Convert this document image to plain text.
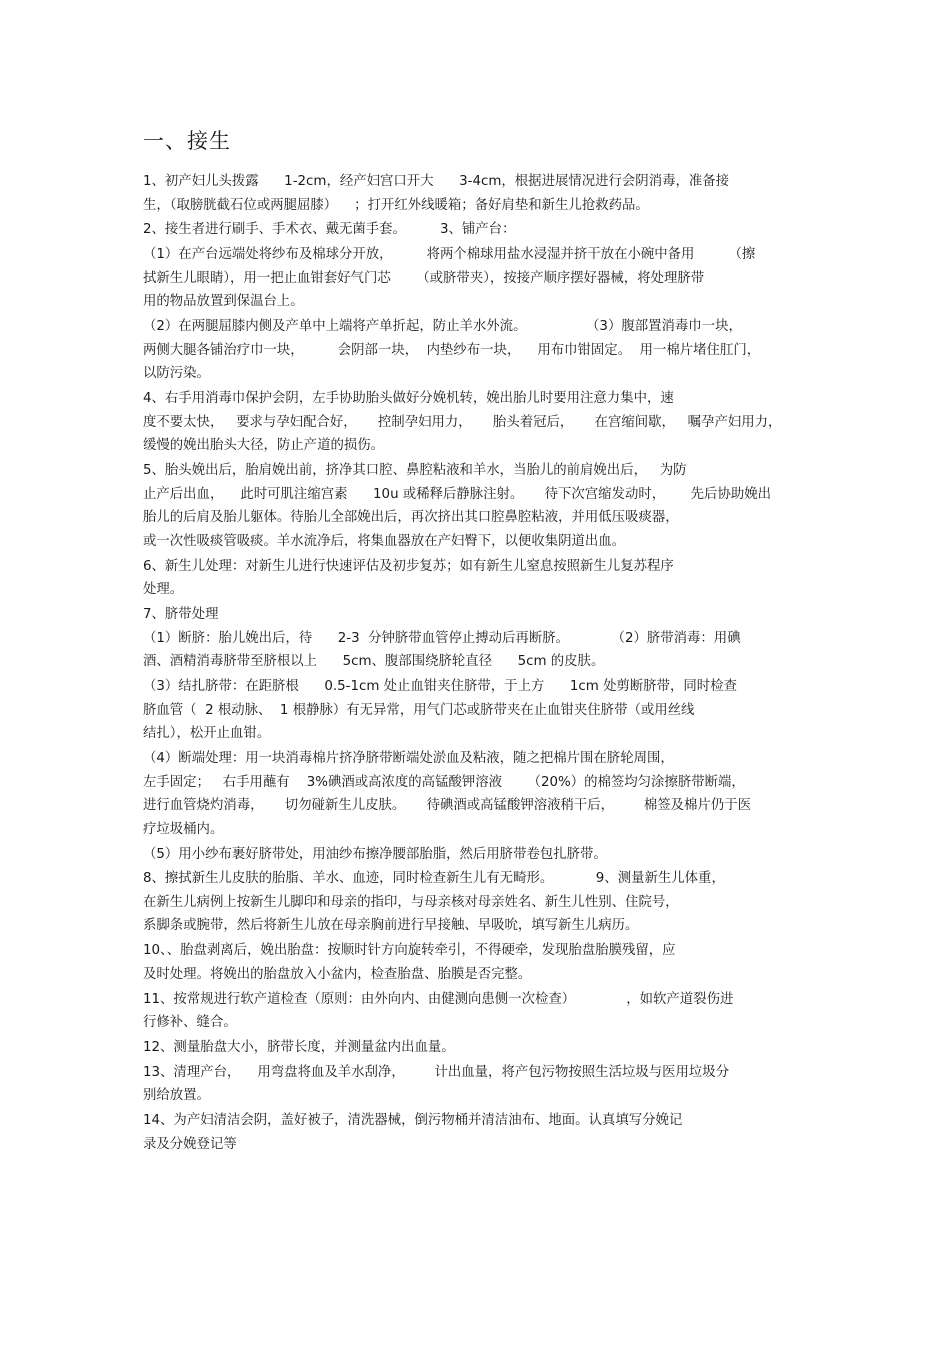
一、接生
1、初产妇儿头拨露      1-2cm，经产妇宫口开大      3-4cm，根据进展情况进行会阴消毒，准备接
生，（取膀胱截石位或两腿屈膝）    ；打开红外线暖箱；备好肩垫和新生儿抢救药品。
2、接生者进行刷手、手术衣、戴无菌手套。        3、铺产台：
（1）在产台远端处将纱布及棉球分开放，        将两个棉球用盐水浸湿并挤干放在小碗中备用        （擦
拭新生儿眼睛），用一把止血钳套好气门芯      （或脐带夹），按接产顺序摆好器械，将处理脐带
用的物品放置到保温台上。
（2）在两腿屈膝内侧及产单中上端将产单折起，防止羊水外流。              （3）腹部置消毒巾一块，
两侧大腿各铺治疗巾一块，        会阴部一块，  内垫纱布一块，    用布巾钳固定。  用一棉片堵住肛门，
以防污染。
4、右手用消毒巾保护会阴，左手协助胎头做好分娩机转，娩出胎儿时要用注意力集中，速
度不要太快，   要求与孕妇配合好，     控制孕妇用力，     胎头着冠后，     在宫缩间歇，   嘱孕产妇用力，
缓慢的娩出胎头大径，防止产道的损伤。
5、胎头娩出后，胎肩娩出前，挤净其口腔、鼻腔粘液和羊水，当胎儿的前肩娩出后，   为防
止产后出血，    此时可肌注缩宫素      10u 或稀释后静脉注射。     待下次宫缩发动时，      先后协助娩出
胎儿的后肩及胎儿躯体。待胎儿全部娩出后，再次挤出其口腔鼻腔粘液，并用低压吸痰器，
或一次性吸痰管吸痰。羊水流净后，将集血器放在产妇臀下，以便收集阴道出血。
6、新生儿处理：对新生儿进行快速评估及初步复苏；如有新生儿窒息按照新生儿复苏程序
处理。
7、脐带处理
（1）断脐：胎儿娩出后，待      2-3  分钟脐带血管停止搏动后再断脐。          （2）脐带消毒：用碘
酒、酒精消毒脐带至脐根以上      5cm、腹部围绕脐轮直径      5cm 的皮肤。
（3）结扎脐带：在距脐根      0.5-1cm 处止血钳夹住脐带，于上方      1cm 处剪断脐带，同时检查
脐血管（  2 根动脉、  1 根静脉）有无异常，用气门芯或脐带夹在止血钳夹住脐带（或用丝线
结扎），松开止血钳。
（4）断端处理：用一块消毒棉片挤净脐带断端处淤血及粘液，随之把棉片围在脐轮周围，
左手固定；   右手用蘸有    3%碘酒或高浓度的高锰酸钾溶液      （20%）的棉签均匀涂擦脐带断端，
进行血管烧灼消毒，     切勿碰新生儿皮肤。     待碘酒或高锰酸钾溶液稍干后，       棉签及棉片仍于医
疗垃圾桶内。
（5）用小纱布裹好脐带处，用油纱布擦净腰部胎脂，然后用脐带卷包扎脐带。
8、擦拭新生儿皮肤的胎脂、羊水、血迹，同时检查新生儿有无畸形。          9、测量新生儿体重，
在新生儿病例上按新生儿脚印和母亲的指印，与母亲核对母亲姓名、新生儿性别、住院号，
系脚条或腕带，然后将新生儿放在母亲胸前进行早接触、早吸吮，填写新生儿病历。
10、、胎盘剥离后，娩出胎盘：按顺时针方向旋转牵引，不得硬牵，发现胎盘胎膜残留，应
及时处理。将娩出的胎盘放入小盆内，检查胎盘、胎膜是否完整。
11、按常规进行软产道检查（原则：由外向内、由健测向患侧一次检查）            ，如软产道裂伤进
行修补、缝合。
12、测量胎盘大小，脐带长度，并测量盆内出血量。
13、清理产台，    用弯盘将血及羊水刮净，       计出血量，将产包污物按照生活垃圾与医用垃圾分
别给放置。
14、为产妇清洁会阴，盖好被子，清洗器械，倒污物桶并清洁油布、地面。认真填写分娩记
录及分娩登记等
